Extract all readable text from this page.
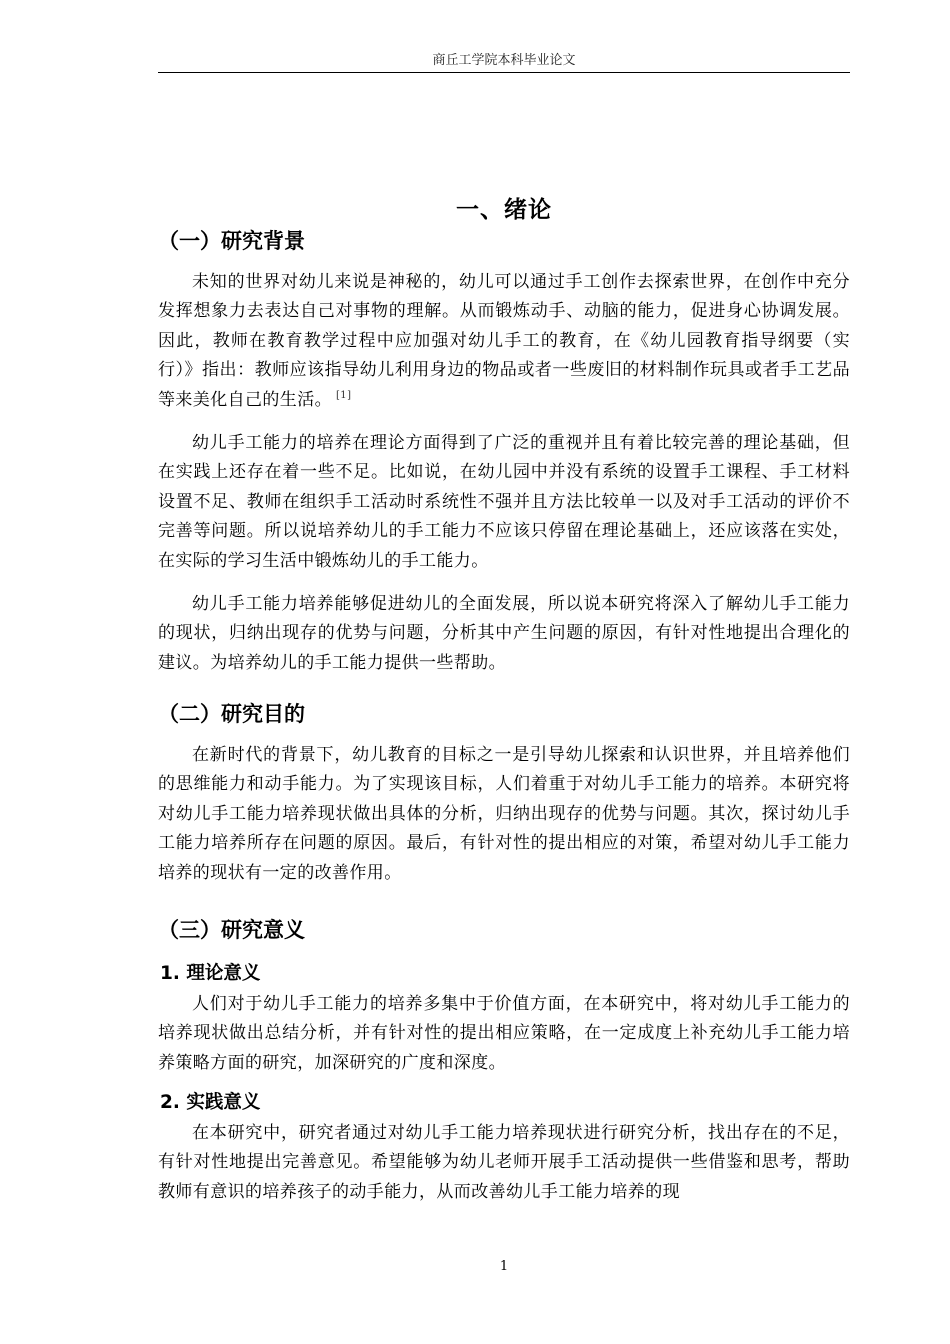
商丘工学院本科毕业论文
一、绪论
（一）研究背景

未知的世界对幼儿来说是神秘的，幼儿可以通过手工创作去探索世界，在创作中充分发挥想象力去表达自己对事物的理解。从而锻炼动手、动脑的能力，促进身心协调发展。因此，教师在教育教学过程中应加强对幼儿手工的教育，在《幼儿园教育指导纲要（实行）》指出：教师应该指导幼儿利用身边的物品或者一些废旧的材料制作玩具或者手工艺品等来美化自己的生活。 [1]

幼儿手工能力的培养在理论方面得到了广泛的重视并且有着比较完善的理论基础，但在实践上还存在着一些不足。比如说，在幼儿园中并没有系统的设置手工课程、手工材料设置不足、教师在组织手工活动时系统性不强并且方法比较单一以及对手工活动的评价不完善等问题。所以说培养幼儿的手工能力不应该只停留在理论基础上，还应该落在实处，在实际的学习生活中锻炼幼儿的手工能力。

幼儿手工能力培养能够促进幼儿的全面发展，所以说本研究将深入了解幼儿手工能力的现状，归纳出现存的优势与问题，分析其中产生问题的原因，有针对性地提出合理化的建议。为培养幼儿的手工能力提供一些帮助。

（二）研究目的

在新时代的背景下，幼儿教育的目标之一是引导幼儿探索和认识世界，并且培养他们的思维能力和动手能力。为了实现该目标，人们着重于对幼儿手工能力的培养。本研究将对幼儿手工能力培养现状做出具体的分析，归纳出现存的优势与问题。其次，探讨幼儿手工能力培养所存在问题的原因。最后，有针对性的提出相应的对策，希望对幼儿手工能力培养的现状有一定的改善作用。

（三）研究意义
1. 理论意义

人们对于幼儿手工能力的培养多集中于价值方面，在本研究中，将对幼儿手工能力的培养现状做出总结分析，并有针对性的提出相应策略，在一定成度上补充幼儿手工能力培养策略方面的研究，加深研究的广度和深度。

2. 实践意义

在本研究中，研究者通过对幼儿手工能力培养现状进行研究分析，找出存在的不足，有针对性地提出完善意见。希望能够为幼儿老师开展手工活动提供一些借鉴和思考，帮助教师有意识的培养孩子的动手能力，从而改善幼儿手工能力培养的现

1
